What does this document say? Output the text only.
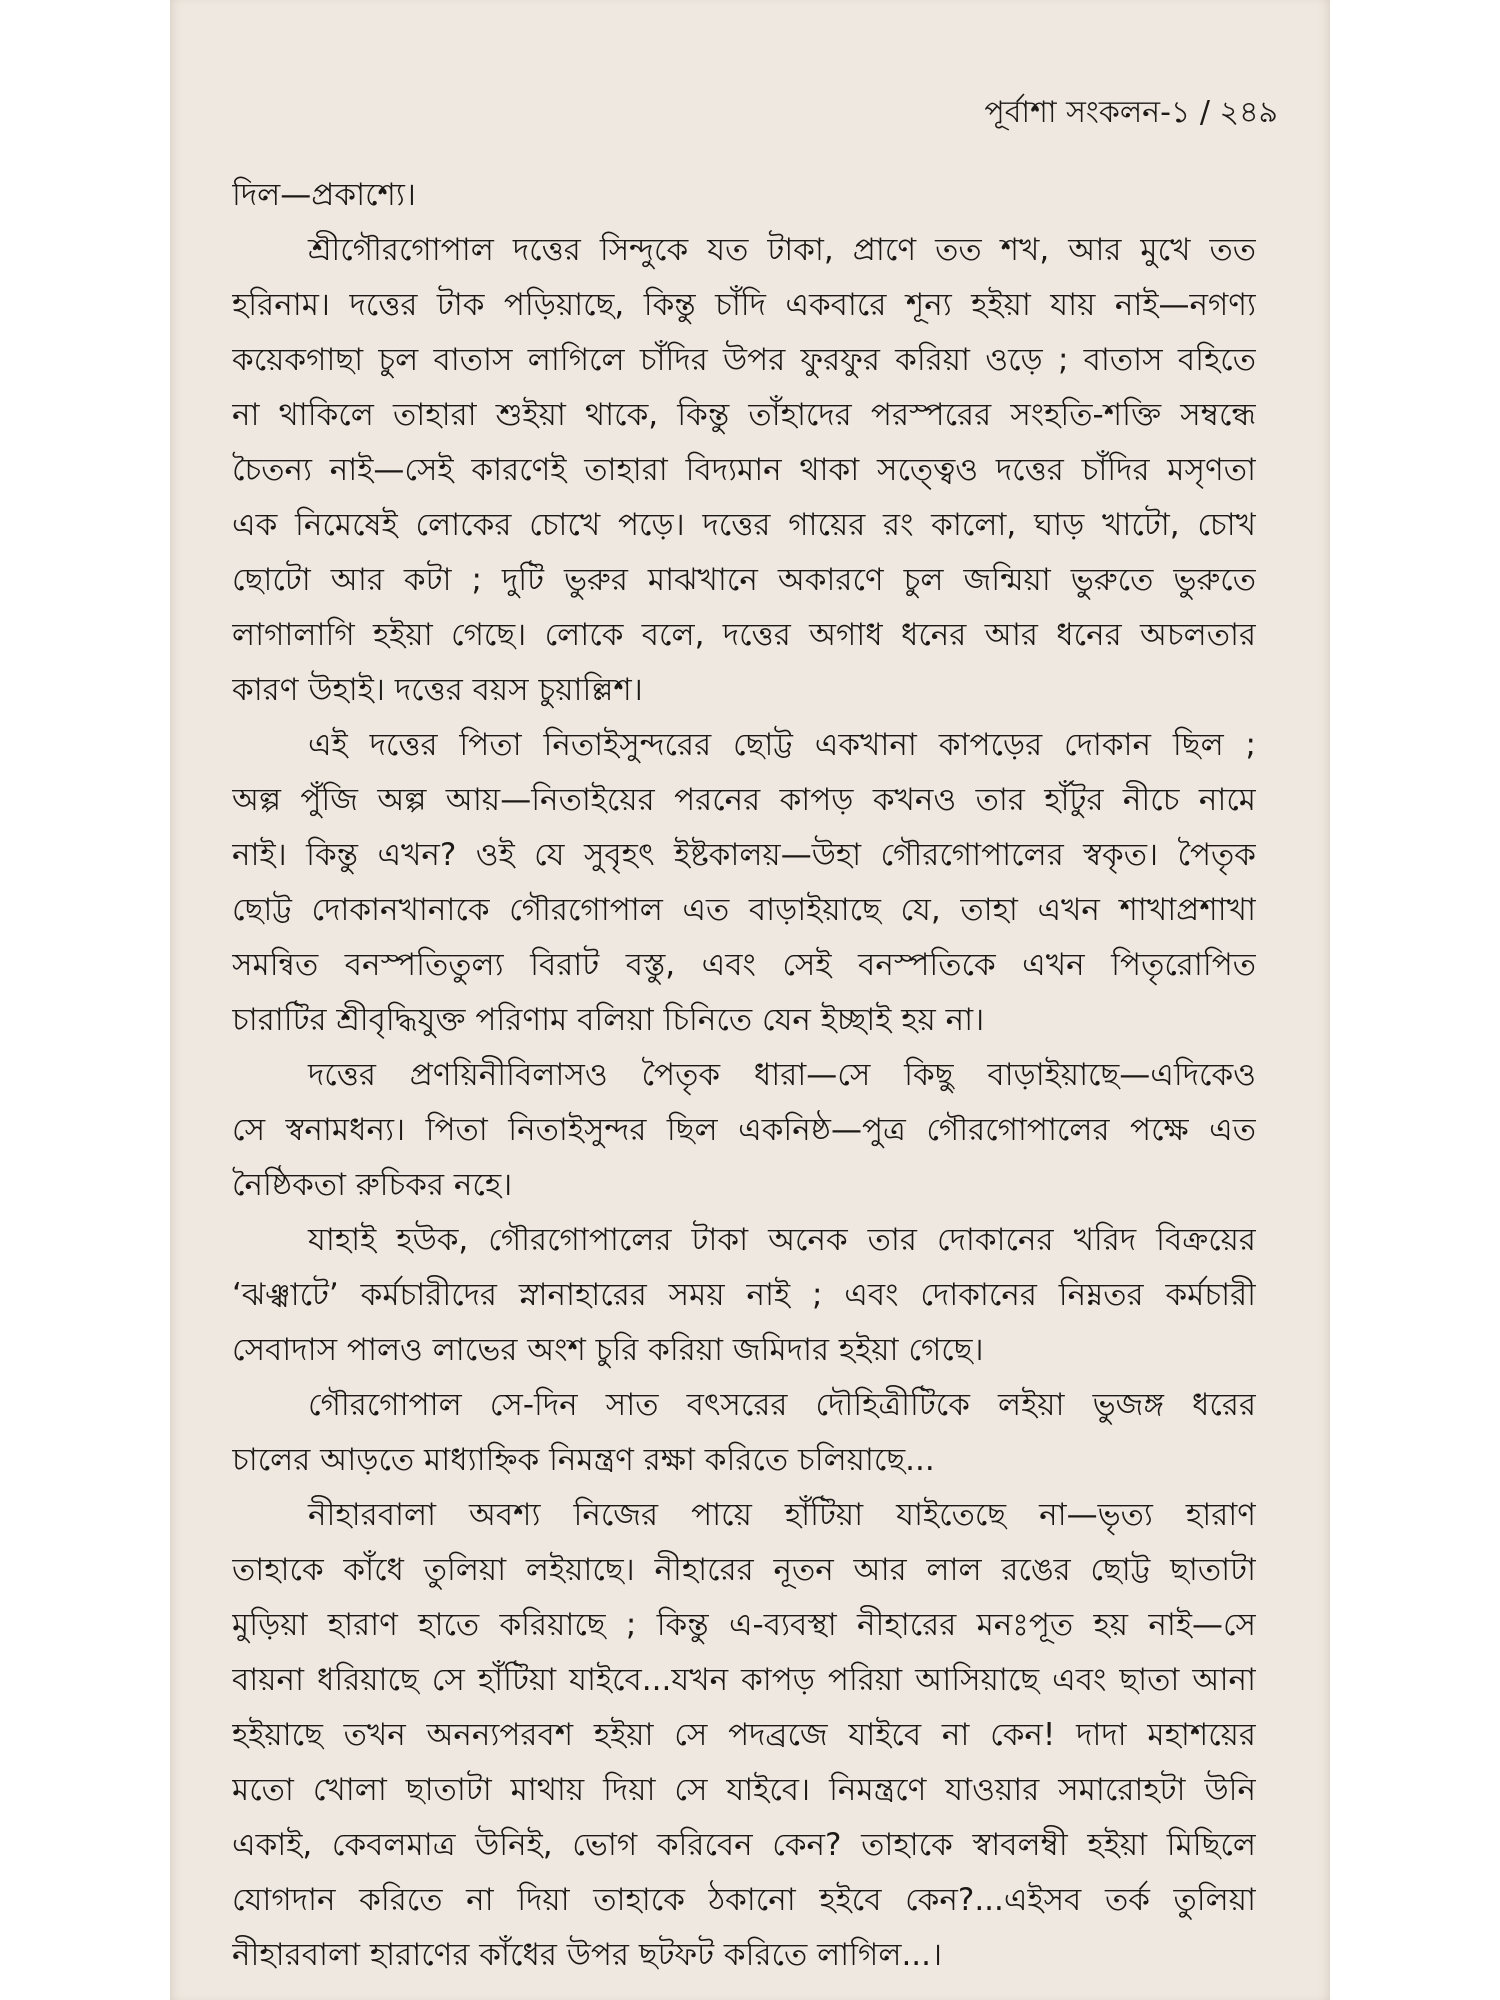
পূর্বাশা সংকলন-১ / ২৪৯
দিল—প্রকাশ্যে।
শ্রীগৌরগোপাল দত্তের সিন্দুকে যত টাকা, প্রাণে তত শখ, আর মুখে তত
হরিনাম। দত্তের টাক পড়িয়াছে, কিন্তু চাঁদি একবারে শূন্য হইয়া যায় নাই—নগণ্য
কয়েকগাছা চুল বাতাস লাগিলে চাঁদির উপর ফুরফুর করিয়া ওড়ে ; বাতাস বহিতে
না থাকিলে তাহারা শুইয়া থাকে, কিন্তু তাঁহাদের পরস্পরের সংহতি-শক্তি সম্বন্ধে
চৈতন্য নাই—সেই কারণেই তাহারা বিদ্যমান থাকা সত্ত্বেও দত্তের চাঁদির মসৃণতা
এক নিমেষেই লোকের চোখে পড়ে। দত্তের গায়ের রং কালো, ঘাড় খাটো, চোখ
ছোটো আর কটা ; দুটি ভুরুর মাঝখানে অকারণে চুল জন্মিয়া ভুরুতে ভুরুতে
লাগালাগি হইয়া গেছে। লোকে বলে, দত্তের অগাধ ধনের আর ধনের অচলতার
কারণ উহাই। দত্তের বয়স চুয়াল্লিশ।
এই দত্তের পিতা নিতাইসুন্দরের ছোট্ট একখানা কাপড়ের দোকান ছিল ;
অল্প পুঁজি অল্প আয়—নিতাইয়ের পরনের কাপড় কখনও তার হাঁটুর নীচে নামে
নাই। কিন্তু এখন? ওই যে সুবৃহৎ ইষ্টকালয়—উহা গৌরগোপালের স্বকৃত। পৈতৃক
ছোট্ট দোকানখানাকে গৌরগোপাল এত বাড়াইয়াছে যে, তাহা এখন শাখাপ্রশাখা
সমন্বিত বনস্পতিতুল্য বিরাট বস্তু, এবং সেই বনস্পতিকে এখন পিতৃরোপিত
চারাটির শ্রীবৃদ্ধিযুক্ত পরিণাম বলিয়া চিনিতে যেন ইচ্ছাই হয় না।
দত্তের প্রণয়িনীবিলাসও পৈতৃক ধারা—সে কিছু বাড়াইয়াছে—এদিকেও
সে স্বনামধন্য। পিতা নিতাইসুন্দর ছিল একনিষ্ঠ—পুত্র গৌরগোপালের পক্ষে এত
নৈষ্ঠিকতা রুচিকর নহে।
যাহাই হউক, গৌরগোপালের টাকা অনেক তার দোকানের খরিদ বিক্রয়ের
‘ঝঞ্ঝাটে’ কর্মচারীদের স্নানাহারের সময় নাই ; এবং দোকানের নিম্নতর কর্মচারী
সেবাদাস পালও লাভের অংশ চুরি করিয়া জমিদার হইয়া গেছে।
গৌরগোপাল সে-দিন সাত বৎসরের দৌহিত্রীটিকে লইয়া ভুজঙ্গ ধরের
চালের আড়তে মাধ্যাহ্নিক নিমন্ত্রণ রক্ষা করিতে চলিয়াছে...
নীহারবালা অবশ্য নিজের পায়ে হাঁটিয়া যাইতেছে না—ভৃত্য হারাণ
তাহাকে কাঁধে তুলিয়া লইয়াছে। নীহারের নূতন আর লাল রঙের ছোট্ট ছাতাটা
মুড়িয়া হারাণ হাতে করিয়াছে ; কিন্তু এ-ব্যবস্থা নীহারের মনঃপূত হয় নাই—সে
বায়না ধরিয়াছে সে হাঁটিয়া যাইবে...যখন কাপড় পরিয়া আসিয়াছে এবং ছাতা আনা
হইয়াছে তখন অনন্যপরবশ হইয়া সে পদব্রজে যাইবে না কেন! দাদা মহাশয়ের
মতো খোলা ছাতাটা মাথায় দিয়া সে যাইবে। নিমন্ত্রণে যাওয়ার সমারোহটা উনি
একাই, কেবলমাত্র উনিই, ভোগ করিবেন কেন? তাহাকে স্বাবলম্বী হইয়া মিছিলে
যোগদান করিতে না দিয়া তাহাকে ঠকানো হইবে কেন?...এইসব তর্ক তুলিয়া
নীহারবালা হারাণের কাঁধের উপর ছটফট করিতে লাগিল...।
